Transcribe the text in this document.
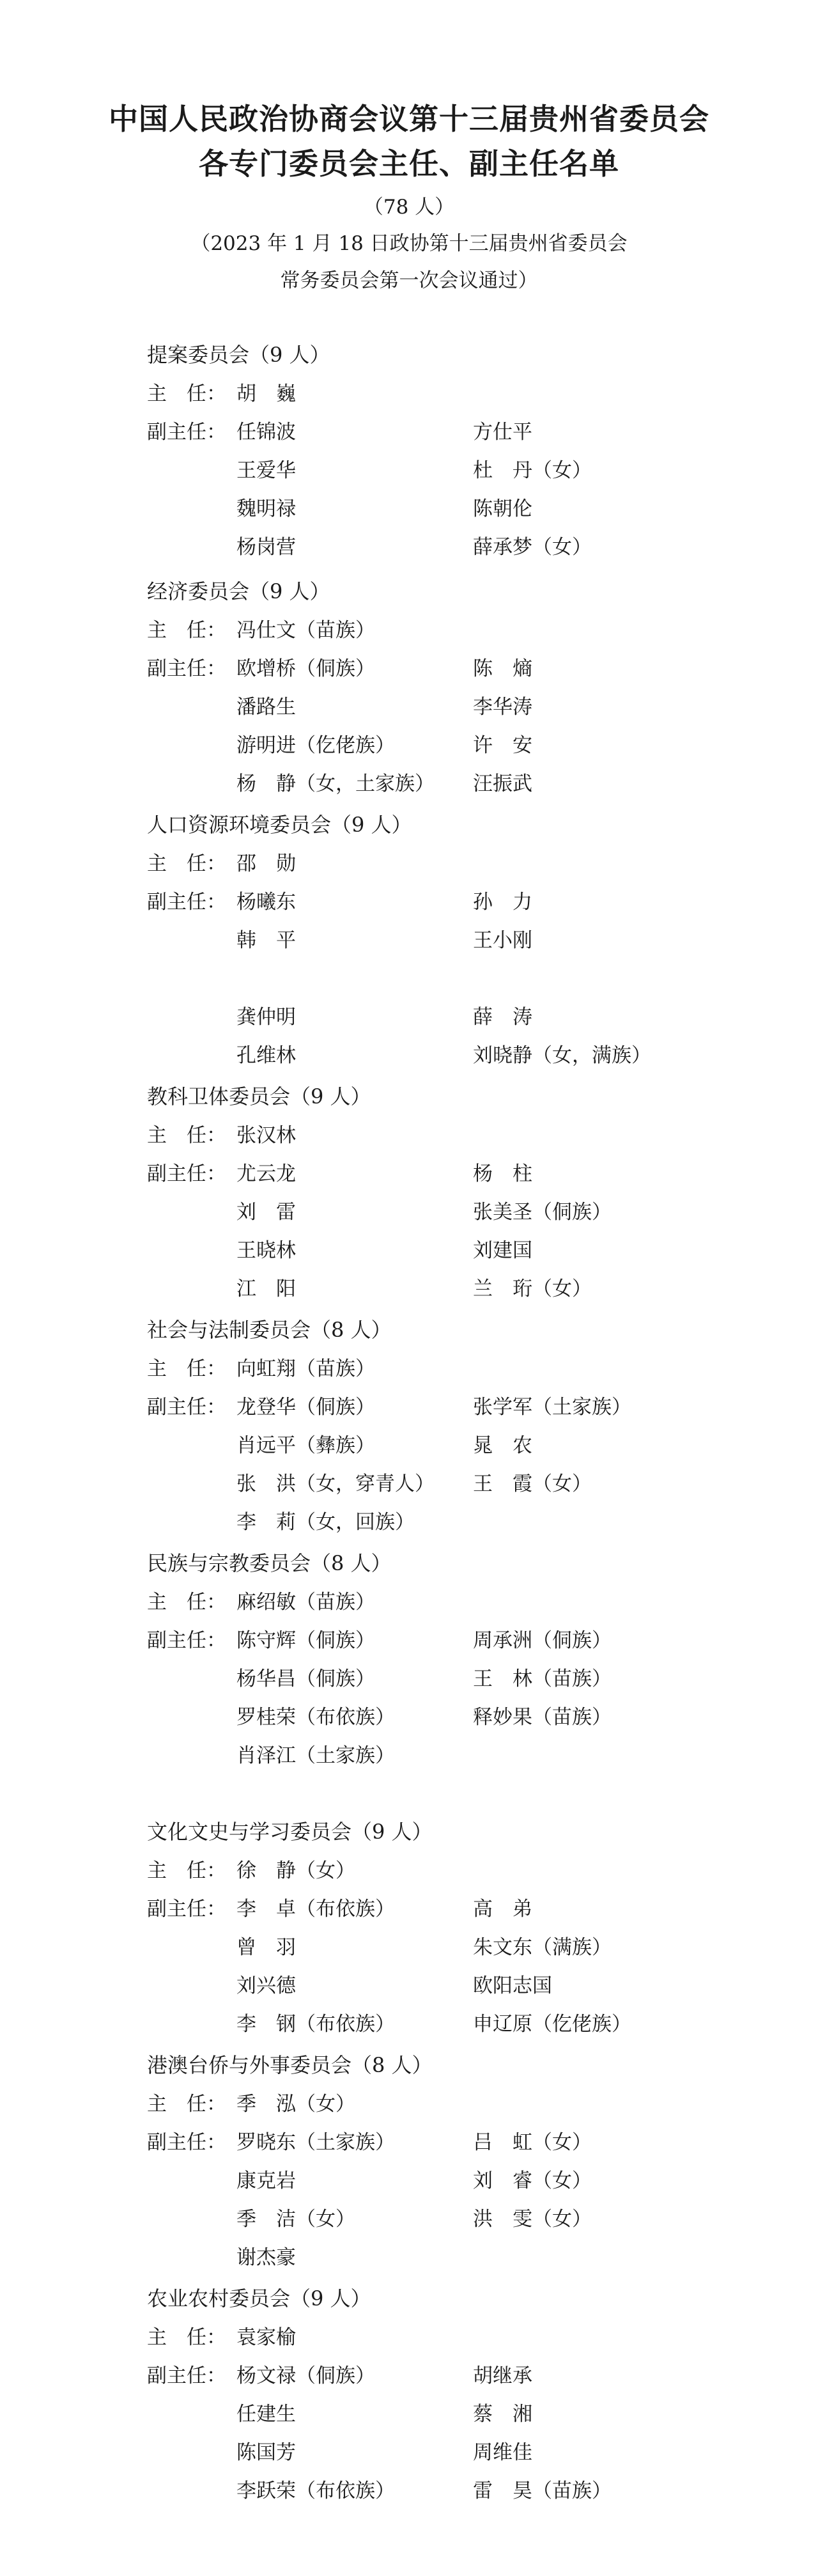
中国人民政治协商会议第十三届贵州省委员会
各专门委员会主任、副主任名单
（78 人）
（2023 年 1 月 18 日政协第十三届贵州省委员会
常务委员会第一次会议通过）
提案委员会（9 人）
主　任： 胡　巍
副主任： 任锦波	方仕平
王爱华	杜　丹（女）
魏明禄	陈朝伦
杨岗营	薛承梦（女）
经济委员会（9 人）
主　任： 冯仕文（苗族）
副主任： 欧增桥（侗族）	陈　熵
潘路生	李华涛
游明进（仡佬族）	许　安
杨　静（女，土家族） 汪振武
人口资源环境委员会（9 人）
主　任： 邵　勋
副主任： 杨曦东	孙　力
韩　平	王小刚
龚仲明	薛　涛
孔维林	刘晓静（女，满族）
教科卫体委员会（9 人）
主　任： 张汉林
副主任： 尤云龙	杨　柱
刘　雷	张美圣（侗族）
王晓林	刘建国
江　阳	兰　珩（女）
社会与法制委员会（8 人）
主　任： 向虹翔（苗族）
副主任： 龙登华（侗族）	张学军（土家族）
肖远平（彝族）	晁　农
张　洪（女，穿青人） 王　霞（女）
李　莉（女，回族）
民族与宗教委员会（8 人）
主　任： 麻绍敏（苗族）
副主任： 陈守辉（侗族）	周承洲（侗族）
杨华昌（侗族）	王　林（苗族）
罗桂荣（布依族）	释妙果（苗族）
肖泽江（土家族）
文化文史与学习委员会（9 人）
主　任： 徐　静（女）
副主任： 李　卓（布依族）	高　弟
曾　羽	朱文东（满族）
刘兴德	欧阳志国
李　钢（布依族）	申辽原（仡佬族）
港澳台侨与外事委员会（8 人）
主　任： 季　泓（女）
副主任： 罗晓东（土家族）	吕　虹（女）
康克岩	刘　睿（女）
季　洁（女）	洪　雯（女）
谢杰豪
农业农村委员会（9 人）
主　任： 袁家榆
副主任： 杨文禄（侗族）	胡继承
任建生	蔡　湘
陈国芳	周维佳
李跃荣（布依族）	雷　昊（苗族）
